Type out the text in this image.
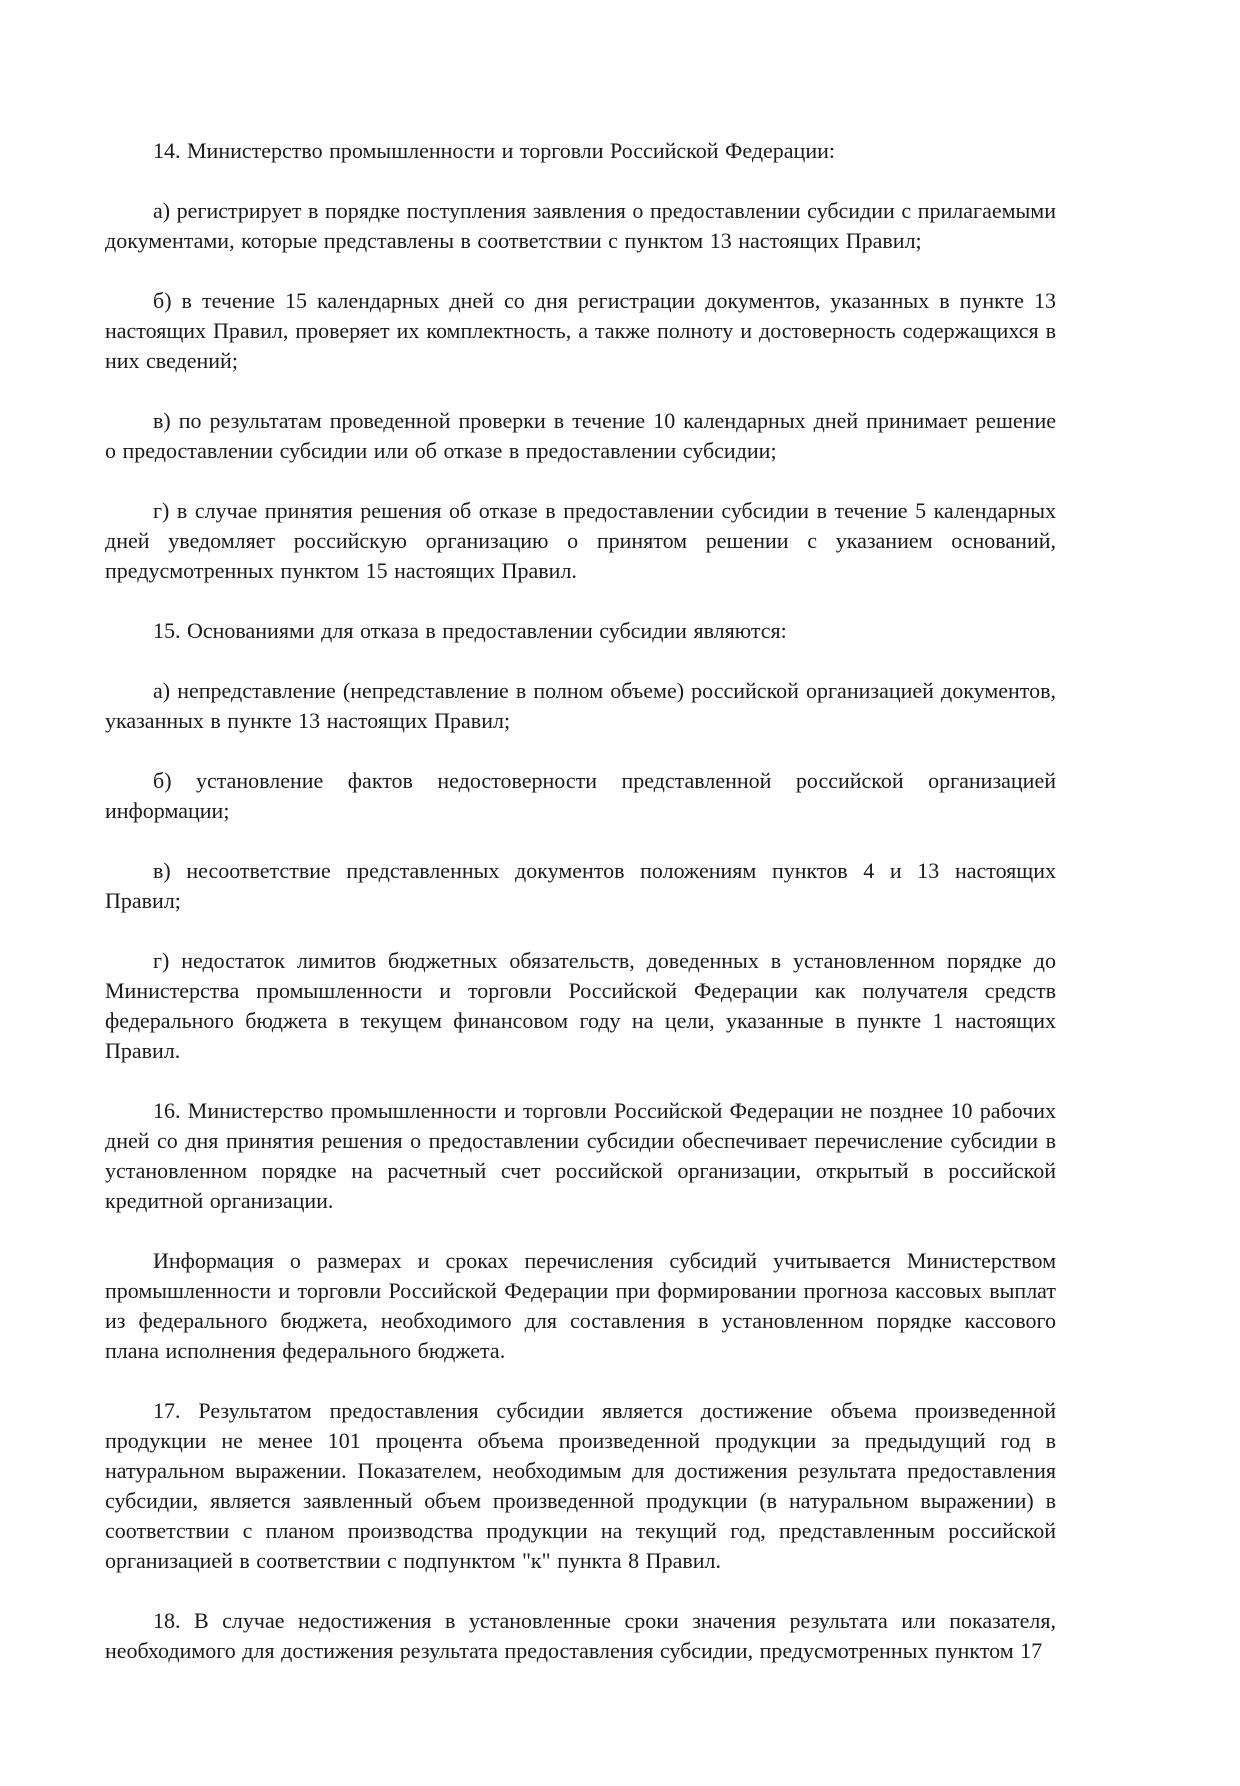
14. Министерство промышленности и торговли Российской Федерации:

а) регистрирует в порядке поступления заявления о предоставлении субсидии с прилагаемыми документами, которые представлены в соответствии с пунктом 13 настоящих Правил;

б) в течение 15 календарных дней со дня регистрации документов, указанных в пункте 13 настоящих Правил, проверяет их комплектность, а также полноту и достоверность содержащихся в них сведений;

в) по результатам проведенной проверки в течение 10 календарных дней принимает решение о предоставлении субсидии или об отказе в предоставлении субсидии;

г) в случае принятия решения об отказе в предоставлении субсидии в течение 5 календарных дней уведомляет российскую организацию о принятом решении с указанием оснований, предусмотренных пунктом 15 настоящих Правил.

15. Основаниями для отказа в предоставлении субсидии являются:

а) непредставление (непредставление в полном объеме) российской организацией документов, указанных в пункте 13 настоящих Правил;

б) установление фактов недостоверности представленной российской организацией информации;

в) несоответствие представленных документов положениям пунктов 4 и 13 настоящих Правил;

г) недостаток лимитов бюджетных обязательств, доведенных в установленном порядке до Министерства промышленности и торговли Российской Федерации как получателя средств федерального бюджета в текущем финансовом году на цели, указанные в пункте 1 настоящих Правил.

16. Министерство промышленности и торговли Российской Федерации не позднее 10 рабочих дней со дня принятия решения о предоставлении субсидии обеспечивает перечисление субсидии в установленном порядке на расчетный счет российской организации, открытый в российской кредитной организации.

Информация о размерах и сроках перечисления субсидий учитывается Министерством промышленности и торговли Российской Федерации при формировании прогноза кассовых выплат из федерального бюджета, необходимого для составления в установленном порядке кассового плана исполнения федерального бюджета.

17. Результатом предоставления субсидии является достижение объема произведенной продукции не менее 101 процента объема произведенной продукции за предыдущий год в натуральном выражении. Показателем, необходимым для достижения результата предоставления субсидии, является заявленный объем произведенной продукции (в натуральном выражении) в соответствии с планом производства продукции на текущий год, представленным российской организацией в соответствии с подпунктом "к" пункта 8 Правил.

18. В случае недостижения в установленные сроки значения результата или показателя, необходимого для достижения результата предоставления субсидии, предусмотренных пунктом 17
